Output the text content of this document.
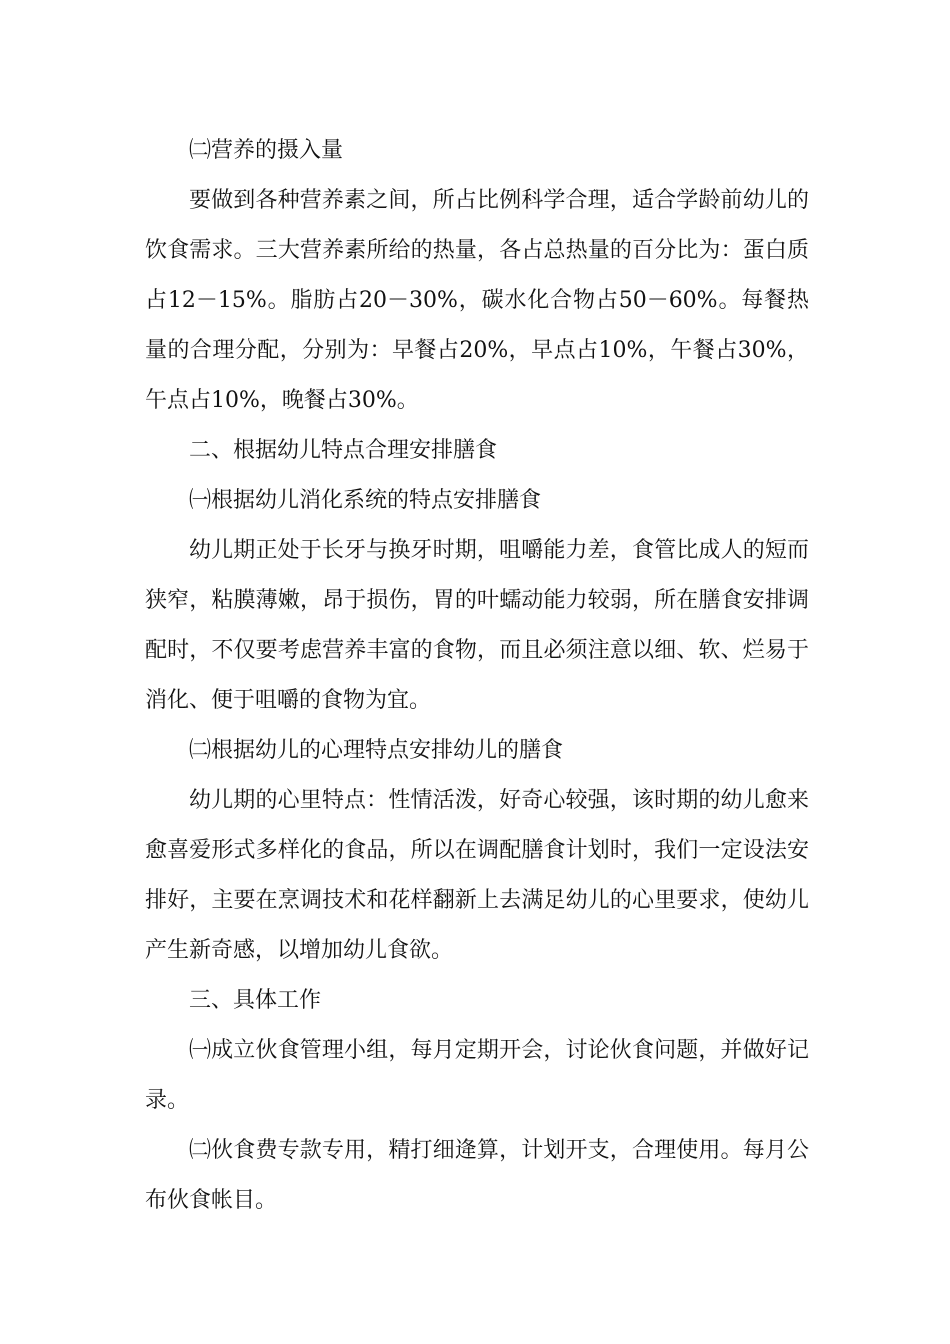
㈡营养的摄入量

要做到各种营养素之间，所占比例科学合理，适合学龄前幼儿的饮食需求。三大营养素所给的热量，各占总热量的百分比为：蛋白质占12－15%。脂肪占20－30%，碳水化合物占50－60%。每餐热量的合理分配，分别为：早餐占20%，早点占10%，午餐占30%，午点占10%，晚餐占30%。

二、根据幼儿特点合理安排膳食

㈠根据幼儿消化系统的特点安排膳食

幼儿期正处于长牙与换牙时期，咀嚼能力差，食管比成人的短而狭窄，粘膜薄嫩，昂于损伤，胃的叶蠕动能力较弱，所在膳食安排调配时，不仅要考虑营养丰富的食物，而且必须注意以细、软、烂易于消化、便于咀嚼的食物为宜。

㈡根据幼儿的心理特点安排幼儿的膳食

幼儿期的心里特点：性情活泼，好奇心较强，该时期的幼儿愈来愈喜爱形式多样化的食品，所以在调配膳食计划时，我们一定设法安排好，主要在烹调技术和花样翻新上去满足幼儿的心里要求，使幼儿产生新奇感，以增加幼儿食欲。

三、具体工作

㈠成立伙食管理小组，每月定期开会，讨论伙食问题，并做好记录。

㈡伙食费专款专用，精打细逄算，计划开支，合理使用。每月公布伙食帐目。
